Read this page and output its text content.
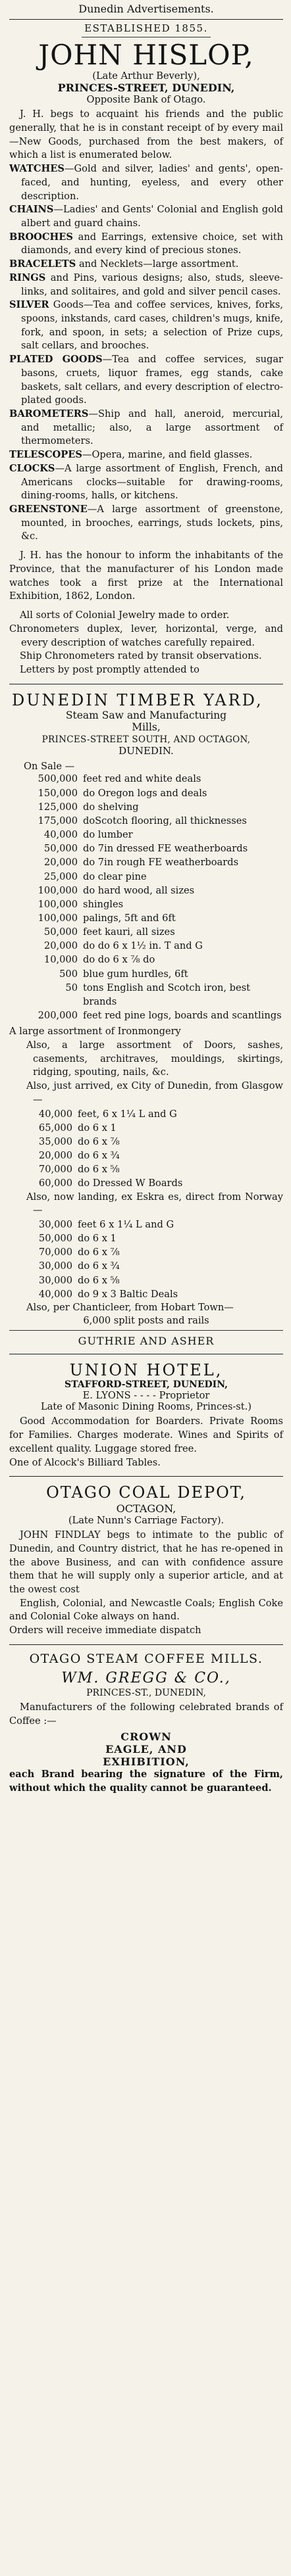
Dunedin Advertisements.
ESTABLISHED 1855.
JOHN HISLOP,
(Late Arthur Beverly),
PRINCES-STREET, DUNEDIN,
Opposite Bank of Otago.

J. H. begs to acquaint his friends and the public generally, that he is in constant receipt of by every mail—New Goods, purchased from the best makers, of which a list is enumerated below.

WATCHES—Gold and silver, ladies' and gents', open-faced, and hunting, eyeless, and every other description.

CHAINS—Ladies' and Gents' Colonial and English gold albert and guard chains.

BROOCHES and Earrings, extensive choice, set with diamonds, and every kind of precious stones.

BRACELETS and Necklets—large assortment.

RINGS and Pins, various designs; also, studs, sleeve-links, and solitaires, and gold and silver pencil cases.

SILVER Goods—Tea and coffee services, knives, forks, spoons, inkstands, card cases, children's mugs, knife, fork, and spoon, in sets; a selection of Prize cups, salt cellars, and brooches.

PLATED GOODS—Tea and coffee services, sugar basons, cruets, liquor frames, egg stands, cake baskets, salt cellars, and every description of electro-plated goods.

BAROMETERS—Ship and hall, aneroid, mercurial, and metallic; also, a large assortment of thermometers.

TELESCOPES—Opera, marine, and field glasses.

CLOCKS—A large assortment of English, French, and Americans clocks—suitable for drawing-rooms, dining-rooms, halls, or kitchens.

GREENSTONE—A large assortment of greenstone, mounted, in brooches, earrings, studs lockets, pins, &c.

J. H. has the honour to inform the inhabitants of the Province, that the manufacturer of his London made watches took a first prize at the International Exhibition, 1862, London.

All sorts of Colonial Jewelry made to order.

Chronometers duplex, lever, horizontal, verge, and every description of watches carefully repaired.

Ship Chronometers rated by transit observations.

Letters by post promptly attended to

DUNEDIN TIMBER YARD,
Steam Saw and Manufacturing
Mills,
PRINCES-STREET SOUTH, AND OCTAGON,
DUNEDIN.
On Sale —
500,000 feet red and white deals
150,000 do Oregon logs and deals
125,000 do shelving
175,000 doScotch flooring, all thicknesses
40,000 do lumber
50,000 do 7in dressed FE weatherboards
20,000 do 7in rough FE weatherboards
25,000 do clear pine
100,000 do hard wood, all sizes
100,000 shingles
100,000 palings, 5ft and 6ft
50,000 feet kauri, all sizes
20,000 do do 6 x 1½ in. T and G
10,000 do do 6 x ⅞ do
500 blue gum hurdles, 6ft
50 tons English and Scotch iron, best brands
200,000 feet red pine logs, boards and scantlings
A large assortment of Ironmongery

Also, a large assortment of Doors, sashes, casements, architraves, mouldings, skirtings, ridging, spouting, nails, &c.

Also, just arrived, ex City of Dunedin, from Glasgow—

40,000 feet, 6 x 1¼ L and G
65,000 do 6 x 1
35,000 do 6 x ⅞
20,000 do 6 x ¾
70,000 do 6 x ⅝
60,000 do Dressed W Boards

Also, now landing, ex Eskra es, direct from Norway —

30,000 feet 6 x 1¼ L and G
50,000 do 6 x 1
70,000 do 6 x ⅞
30,000 do 6 x ¾
30,000 do 6 x ⅝
40,000 do 9 x 3 Baltic Deals

Also, per Chanticleer, from Hobart Town—

6,000 split posts and rails
GUTHRIE AND ASHER
UNION HOTEL,
STAFFORD-STREET, DUNEDIN,
E. LYONS - - - - Proprietor
Late of Masonic Dining Rooms, Princes-st.)

Good Accommodation for Boarders. Private Rooms for Families. Charges moderate. Wines and Spirits of excellent quality. Luggage stored free.

One of Alcock's Billiard Tables.

OTAGO COAL DEPOT,
OCTAGON,
(Late Nunn's Carriage Factory).

JOHN FINDLAY begs to intimate to the public of Dunedin, and Country district, that he has re-opened in the above Business, and can with confidence assure them that he will supply only a superior article, and at the owest cost

English, Colonial, and Newcastle Coals; English Coke and Colonial Coke always on hand.

Orders will receive immediate dispatch

OTAGO STEAM COFFEE MILLS.
WM. GREGG & CO.,
PRINCES-ST., DUNEDIN,

Manufacturers of the following celebrated brands of Coffee :—

CROWN
EAGLE, AND
EXHIBITION,

each Brand bearing the signature of the Firm, without which the quality cannot be guaranteed.
